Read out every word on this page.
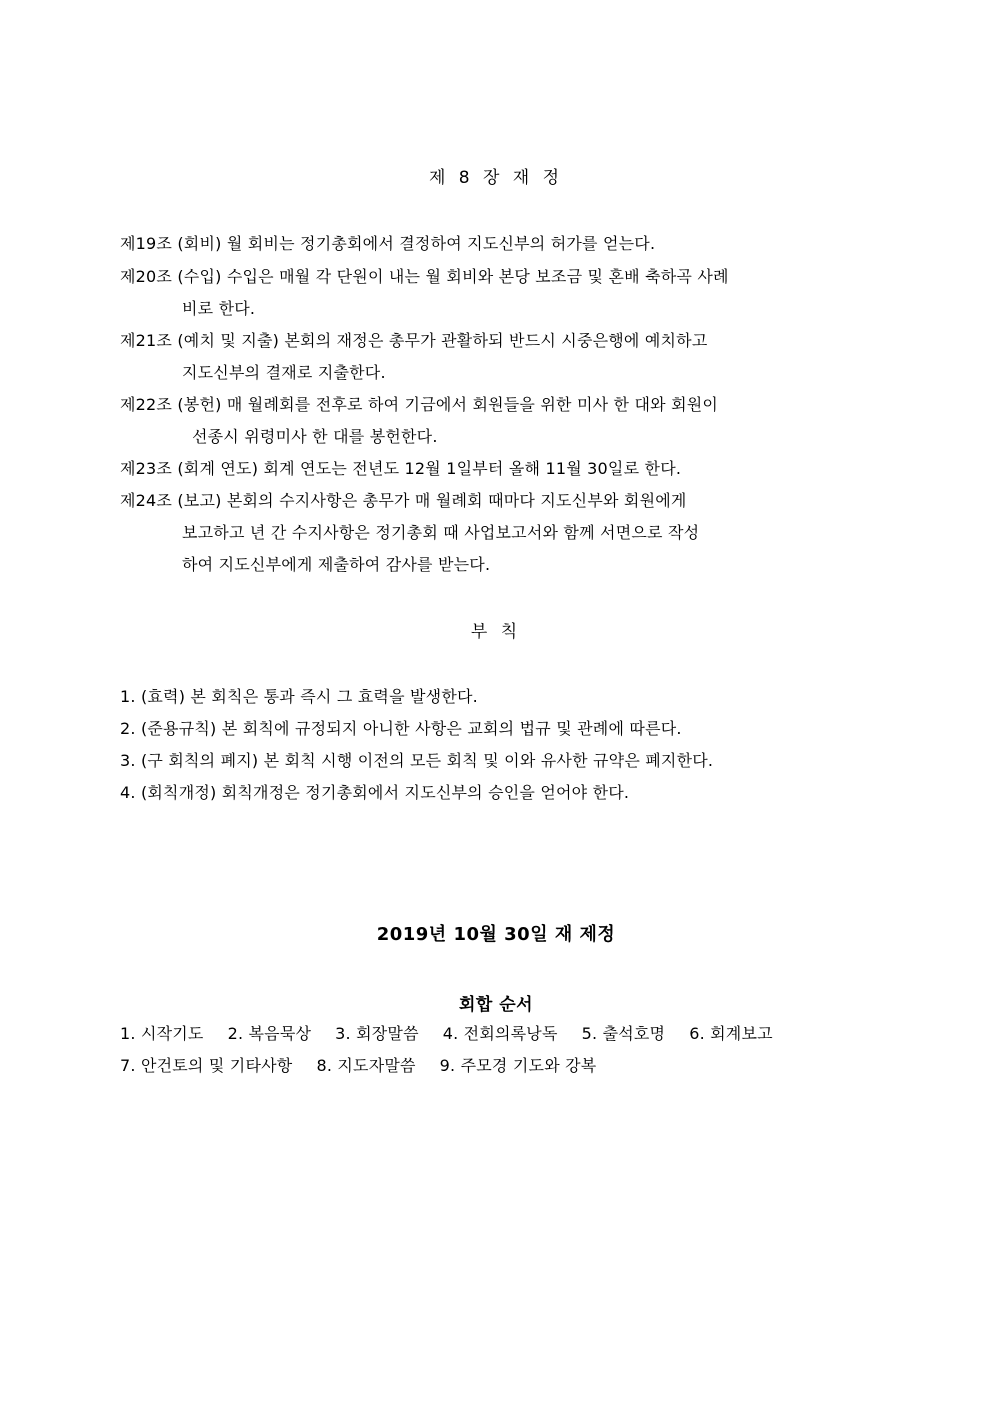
제 8 장 재 정
제19조 (회비) 월 회비는 정기총회에서 결정하여 지도신부의 허가를 얻는다.
제20조 (수입) 수입은 매월 각 단원이 내는 월 회비와 본당 보조금 및 혼배 축하곡 사례
비로 한다.
제21조 (예치 및 지출) 본회의 재정은 총무가 관활하되 반드시 시중은행에 예치하고
지도신부의 결재로 지출한다.
제22조 (봉헌) 매 월례회를 전후로 하여 기금에서 회원들을 위한 미사 한 대와 회원이
선종시 위령미사 한 대를 봉헌한다.
제23조 (회계 연도) 회계 연도는 전년도 12월 1일부터 올해 11월 30일로 한다.
제24조 (보고) 본회의 수지사항은 총무가 매 월례회 때마다 지도신부와 회원에게
보고하고 년 간 수지사항은 정기총회 때 사업보고서와 함께 서면으로 작성
하여 지도신부에게 제출하여 감사를 받는다.
부 칙
1. (효력) 본 회칙은 통과 즉시 그 효력을 발생한다.
2. (준용규칙) 본 회칙에 규정되지 아니한 사항은 교회의 법규 및 관례에 따른다.
3. (구 회칙의 폐지) 본 회칙 시행 이전의 모든 회칙 및 이와 유사한 규약은 폐지한다.
4. (회칙개정) 회칙개정은 정기총회에서 지도신부의 승인을 얻어야 한다.
2019년 10월 30일 재 제정
회합 순서
1. 시작기도 2. 복음묵상 3. 회장말씀 4. 전회의록낭독 5. 출석호명 6. 회계보고
7. 안건토의 및 기타사항 8. 지도자말씀 9. 주모경 기도와 강복
